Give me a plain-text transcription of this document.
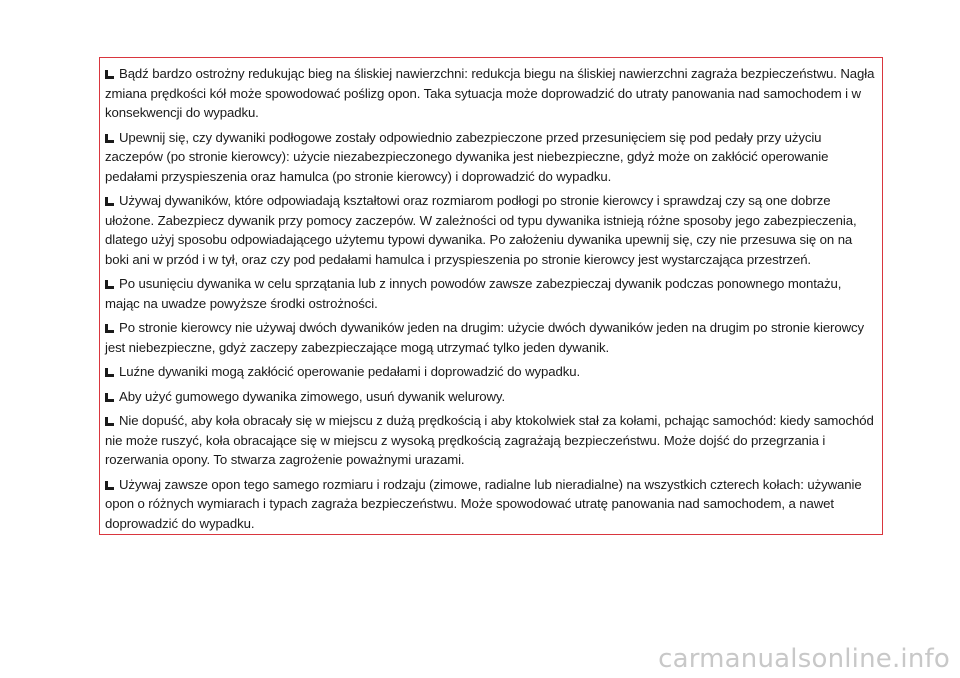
Bądź bardzo ostrożny redukując bieg na śliskiej nawierzchni: redukcja biegu na śliskiej nawierzchni zagraża bezpieczeństwu. Nagła zmiana prędkości kół może spowodować poślizg opon. Taka sytuacja może doprowadzić do utraty panowania nad samochodem i w konsekwencji do wypadku.

Upewnij się, czy dywaniki podłogowe zostały odpowiednio zabezpieczone przed przesunięciem się pod pedały przy użyciu zaczepów (po stronie kierowcy): użycie niezabezpieczonego dywanika jest niebezpieczne, gdyż może on zakłócić operowanie pedałami przyspieszenia oraz hamulca (po stronie kierowcy) i doprowadzić do wypadku.

Używaj dywaników, które odpowiadają kształtowi oraz rozmiarom podłogi po stronie kierowcy i sprawdzaj czy są one dobrze ułożone. Zabezpiecz dywanik przy pomocy zaczepów. W zależności od typu dywanika istnieją różne sposoby jego zabezpieczenia, dlatego użyj sposobu odpowiadającego użytemu typowi dywanika. Po założeniu dywanika upewnij się, czy nie przesuwa się on na boki ani w przód i w tył, oraz czy pod pedałami hamulca i przyspieszenia po stronie kierowcy jest wystarczająca przestrzeń.

Po usunięciu dywanika w celu sprzątania lub z innych powodów zawsze zabezpieczaj dywanik podczas ponownego montażu, mając na uwadze powyższe środki ostrożności.

Po stronie kierowcy nie używaj dwóch dywaników jeden na drugim: użycie dwóch dywaników jeden na drugim po stronie kierowcy jest niebezpieczne, gdyż zaczepy zabezpieczające mogą utrzymać tylko jeden dywanik.

Luźne dywaniki mogą zakłócić operowanie pedałami i doprowadzić do wypadku.

Aby użyć gumowego dywanika zimowego, usuń dywanik welurowy.

Nie dopuść, aby koła obracały się w miejscu z dużą prędkością i aby ktokolwiek stał za kołami, pchając samochód: kiedy samochód nie może ruszyć, koła obracające się w miejscu z wysoką prędkością zagrażają bezpieczeństwu. Może dojść do przegrzania i rozerwania opony. To stwarza zagrożenie poważnymi urazami.

Używaj zawsze opon tego samego rozmiaru i rodzaju (zimowe, radialne lub nieradialne) na wszystkich czterech kołach: używanie opon o różnych wymiarach i typach zagraża bezpieczeństwu. Może spowodować utratę panowania nad samochodem, a nawet doprowadzić do wypadku.

carmanualsonline.info
